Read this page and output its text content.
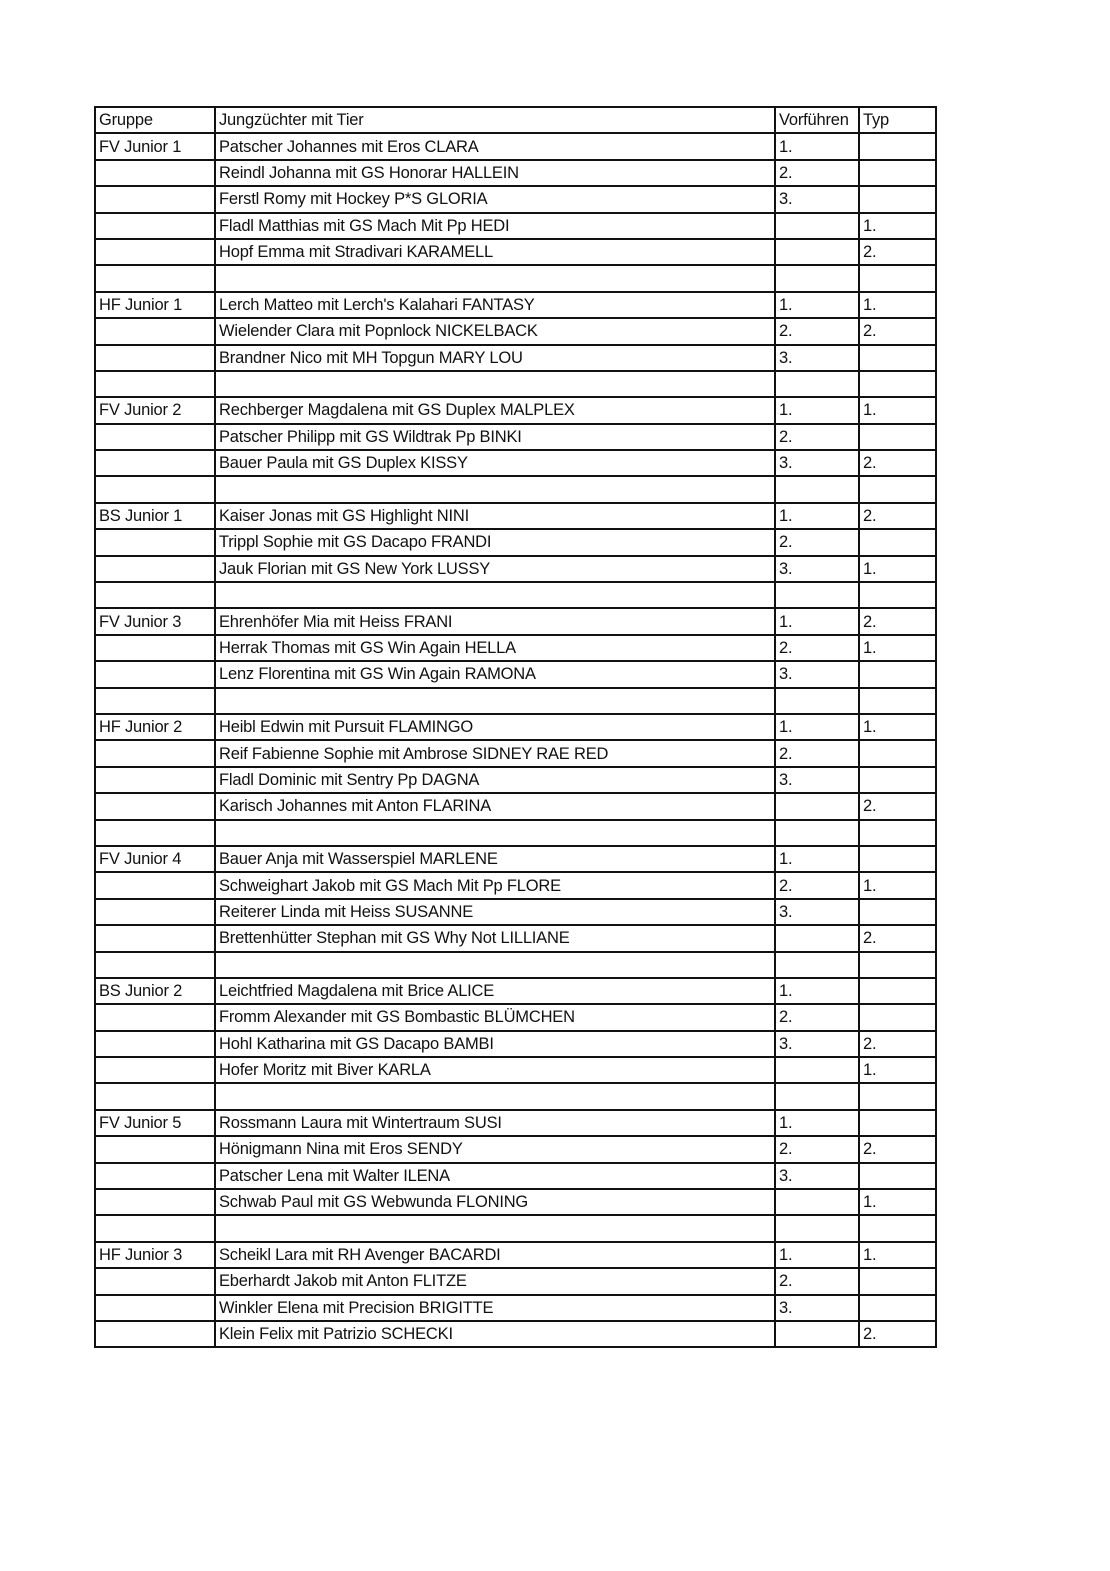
Gruppe	Jungzüchter mit Tier	Vorführen	Typ
FV Junior 1	Patscher Johannes mit Eros CLARA	1.	
	Reindl Johanna mit GS Honorar HALLEIN	2.	
	Ferstl Romy mit Hockey P*S GLORIA	3.	
	Fladl Matthias mit GS Mach Mit Pp HEDI		1.
	Hopf Emma mit Stradivari KARAMELL		2.

HF Junior 1	Lerch Matteo mit Lerch's Kalahari FANTASY	1.	1.
	Wielender Clara mit Popnlock NICKELBACK	2.	2.
	Brandner Nico mit MH Topgun MARY LOU	3.	

FV Junior 2	Rechberger Magdalena mit GS Duplex MALPLEX	1.	1.
	Patscher Philipp mit GS Wildtrak Pp BINKI	2.	
	Bauer Paula mit GS Duplex KISSY	3.	2.

BS Junior 1	Kaiser Jonas mit GS Highlight NINI	1.	2.
	Trippl Sophie mit GS Dacapo FRANDI	2.	
	Jauk Florian mit GS New York LUSSY	3.	1.

FV Junior 3	Ehrenhöfer Mia mit Heiss FRANI	1.	2.
	Herrak Thomas mit GS Win Again HELLA	2.	1.
	Lenz Florentina mit GS Win Again RAMONA	3.	

HF Junior 2	Heibl Edwin mit Pursuit FLAMINGO	1.	1.
	Reif Fabienne Sophie mit Ambrose SIDNEY RAE RED	2.	
	Fladl Dominic mit Sentry Pp DAGNA	3.	
	Karisch Johannes mit Anton FLARINA		2.

FV Junior 4	Bauer Anja mit Wasserspiel MARLENE	1.	
	Schweighart Jakob mit GS Mach Mit Pp FLORE	2.	1.
	Reiterer Linda mit Heiss SUSANNE	3.	
	Brettenhütter Stephan mit GS Why Not LILLIANE		2.

BS Junior 2	Leichtfried Magdalena mit Brice ALICE	1.	
	Fromm Alexander mit GS Bombastic BLÜMCHEN	2.	
	Hohl Katharina mit GS Dacapo BAMBI	3.	2.
	Hofer Moritz mit Biver KARLA		1.

FV Junior 5	Rossmann Laura mit Wintertraum SUSI	1.	
	Hönigmann Nina mit Eros SENDY	2.	2.
	Patscher Lena mit Walter ILENA	3.	
	Schwab Paul mit GS Webwunda FLONING		1.

HF Junior 3	Scheikl Lara mit RH Avenger BACARDI	1.	1.
	Eberhardt Jakob mit Anton FLITZE	2.	
	Winkler Elena mit Precision BRIGITTE	3.	
	Klein Felix mit Patrizio SCHECKI		2.
